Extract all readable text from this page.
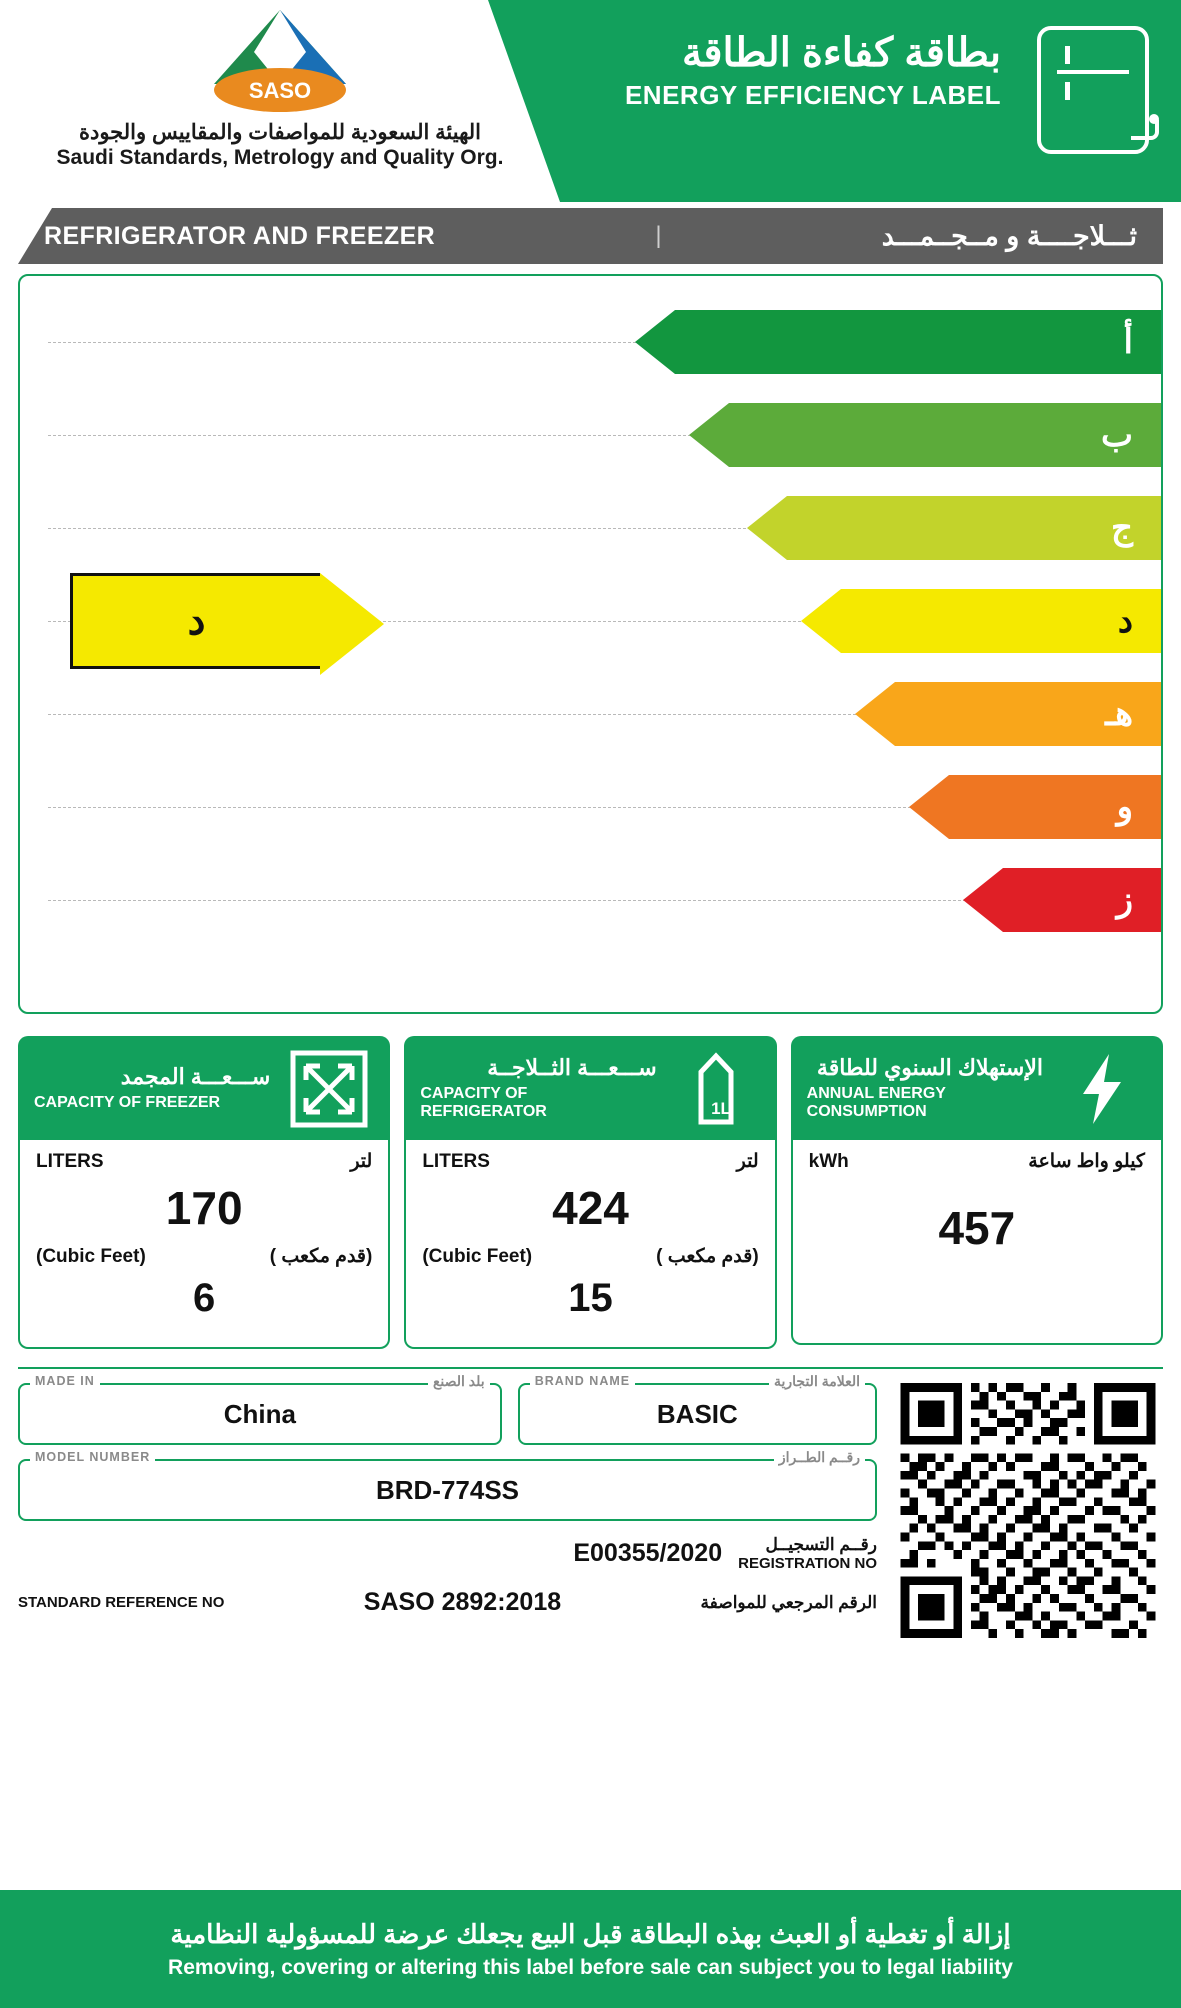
SASO
الهيئة السعودية للمواصفات والمقاييس والجودة
Saudi Standards, Metrology and Quality Org.
بطاقة كفاءة الطاقة
ENERGY EFFICIENCY LABEL
REFRIGERATOR AND FREEZER	|	ثـــلاجــــة و مــجــمـــد
أ
ب
ج
د
د
هـ
و
ز
ســـعـــة المجمد
CAPACITY OF FREEZER
LITERS	لتر
170
(Cubic Feet)	(قدم مكعب )
6
ســـعـــة الثــلاجــة
CAPACITY OF REFRIGERATOR	1L
LITERS	لتر
424
(Cubic Feet)	(قدم مكعب )
15
الإستهلاك السنوي للطاقة
ANNUAL ENERGY CONSUMPTION
kWh	كيلو واط ساعة
457
MADE IN	بلد الصنع
China
BRAND NAME	العلامة التجارية
BASIC
MODEL NUMBER	رقــم الطــراز
BRD-774SS
E00355/2020	رقــم التسجيــل
REGISTRATION NO
STANDARD REFERENCE NO	SASO 2892:2018	الرقم المرجعي للمواصفة
إزالة أو تغطية أو العبث بهذه البطاقة قبل البيع يجعلك عرضة للمسؤولية النظامية
Removing, covering or altering this label before sale can subject you to legal liability
